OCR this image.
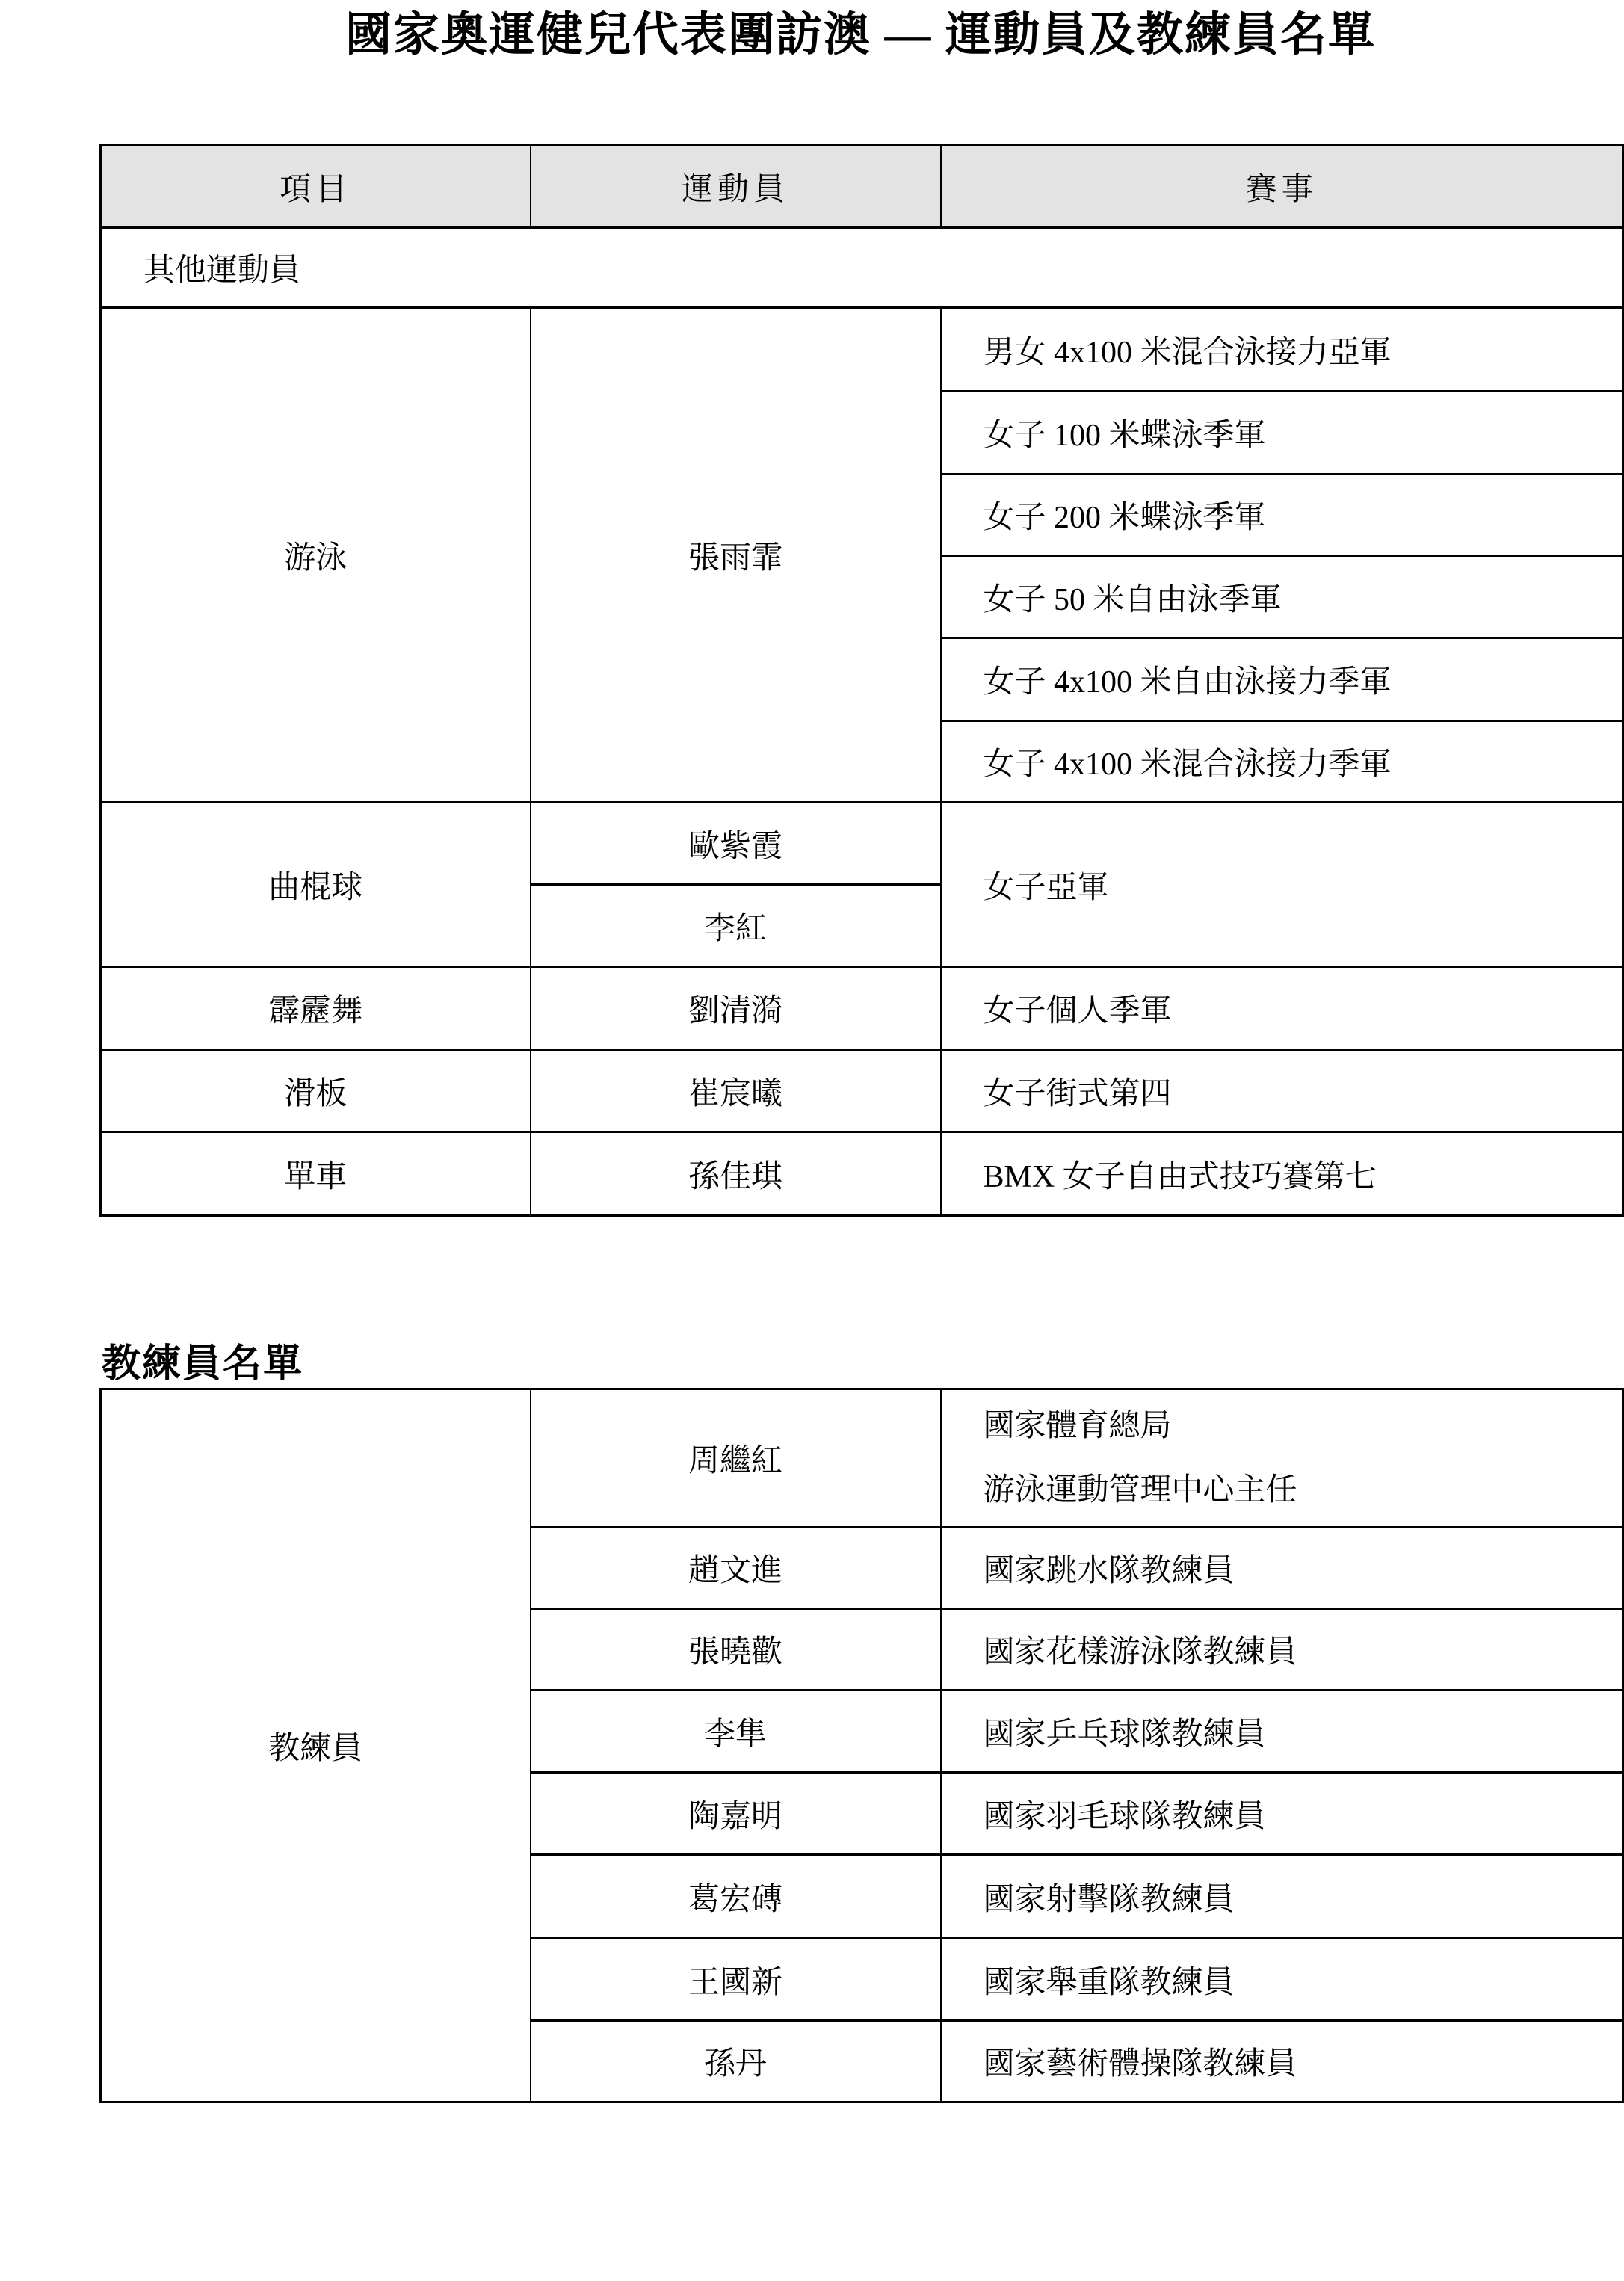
國家奧運健兒代表團訪澳 — 運動員及教練員名單
項目	運動員	賽事
其他運動員		
游泳	張雨霏	男女 4x100 米混合泳接力亞軍
		女子 100 米蝶泳季軍
		女子 200 米蝶泳季軍
		女子 50 米自由泳季軍
		女子 4x100 米自由泳接力季軍
		女子 4x100 米混合泳接力季軍
曲棍球	歐紫霞	女子亞軍
	李紅	
霹靂舞	劉清漪	女子個人季軍
滑板	崔宸曦	女子街式第四
單車	孫佳琪	BMX 女子自由式技巧賽第七
教練員名單
教練員	周繼紅	國家體育總局
游泳運動管理中心主任

	趙文進	國家跳水隊教練員
	張曉歡	國家花樣游泳隊教練員
	李隼	國家乒乓球隊教練員
	陶嘉明	國家羽毛球隊教練員
	葛宏磚	國家射擊隊教練員
	王國新	國家舉重隊教練員
	孫丹	國家藝術體操隊教練員
